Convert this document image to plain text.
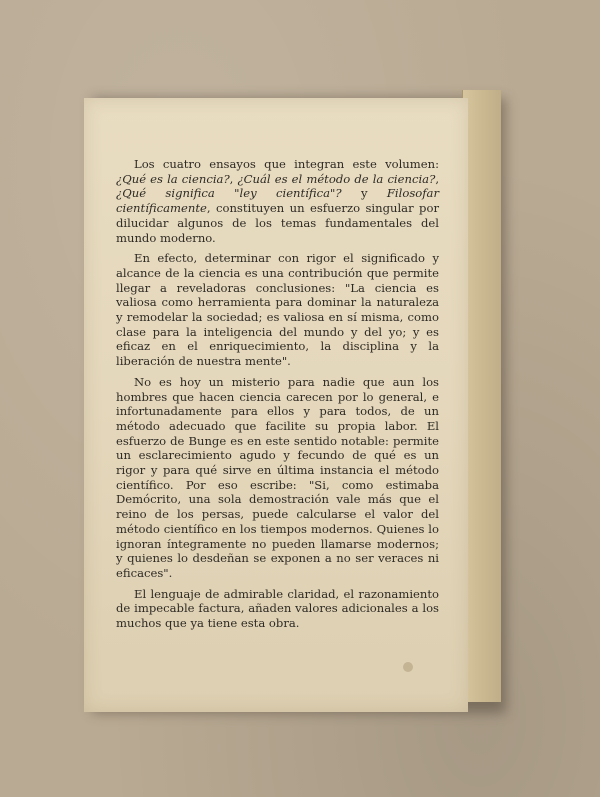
Los cuatro ensayos que integran este volumen: ¿Qué es la ciencia?, ¿Cuál es el método de la ciencia?, ¿Qué significa "ley científica"? y Filosofar científicamente, constituyen un esfuerzo singular por dilucidar algunos de los temas fundamentales del mundo moderno.

En efecto, determinar con rigor el significado y alcance de la ciencia es una contribución que permite llegar a reveladoras conclusiones: "La ciencia es valiosa como herramienta para dominar la naturaleza y remodelar la sociedad; es valiosa en sí misma, como clase para la inteligencia del mundo y del yo; y es eficaz en el enriquecimiento, la disciplina y la liberación de nuestra mente".

No es hoy un misterio para nadie que aun los hombres que hacen ciencia carecen por lo general, e infortunadamente para ellos y para todos, de un método adecuado que facilite su propia labor. El esfuerzo de Bunge es en este sentido notable: permite un esclarecimiento agudo y fecundo de qué es un rigor y para qué sirve en última instancia el método científico. Por eso escribe: "Si, como estimaba Demócrito, una sola demostración vale más que el reino de los persas, puede calcularse el valor del método científico en los tiempos modernos. Quienes lo ignoran íntegramente no pueden llamarse modernos; y quienes lo desdeñan se exponen a no ser veraces ni eficaces".

El lenguaje de admirable claridad, el razonamiento de impecable factura, añaden valores adicionales a los muchos que ya tiene esta obra.
